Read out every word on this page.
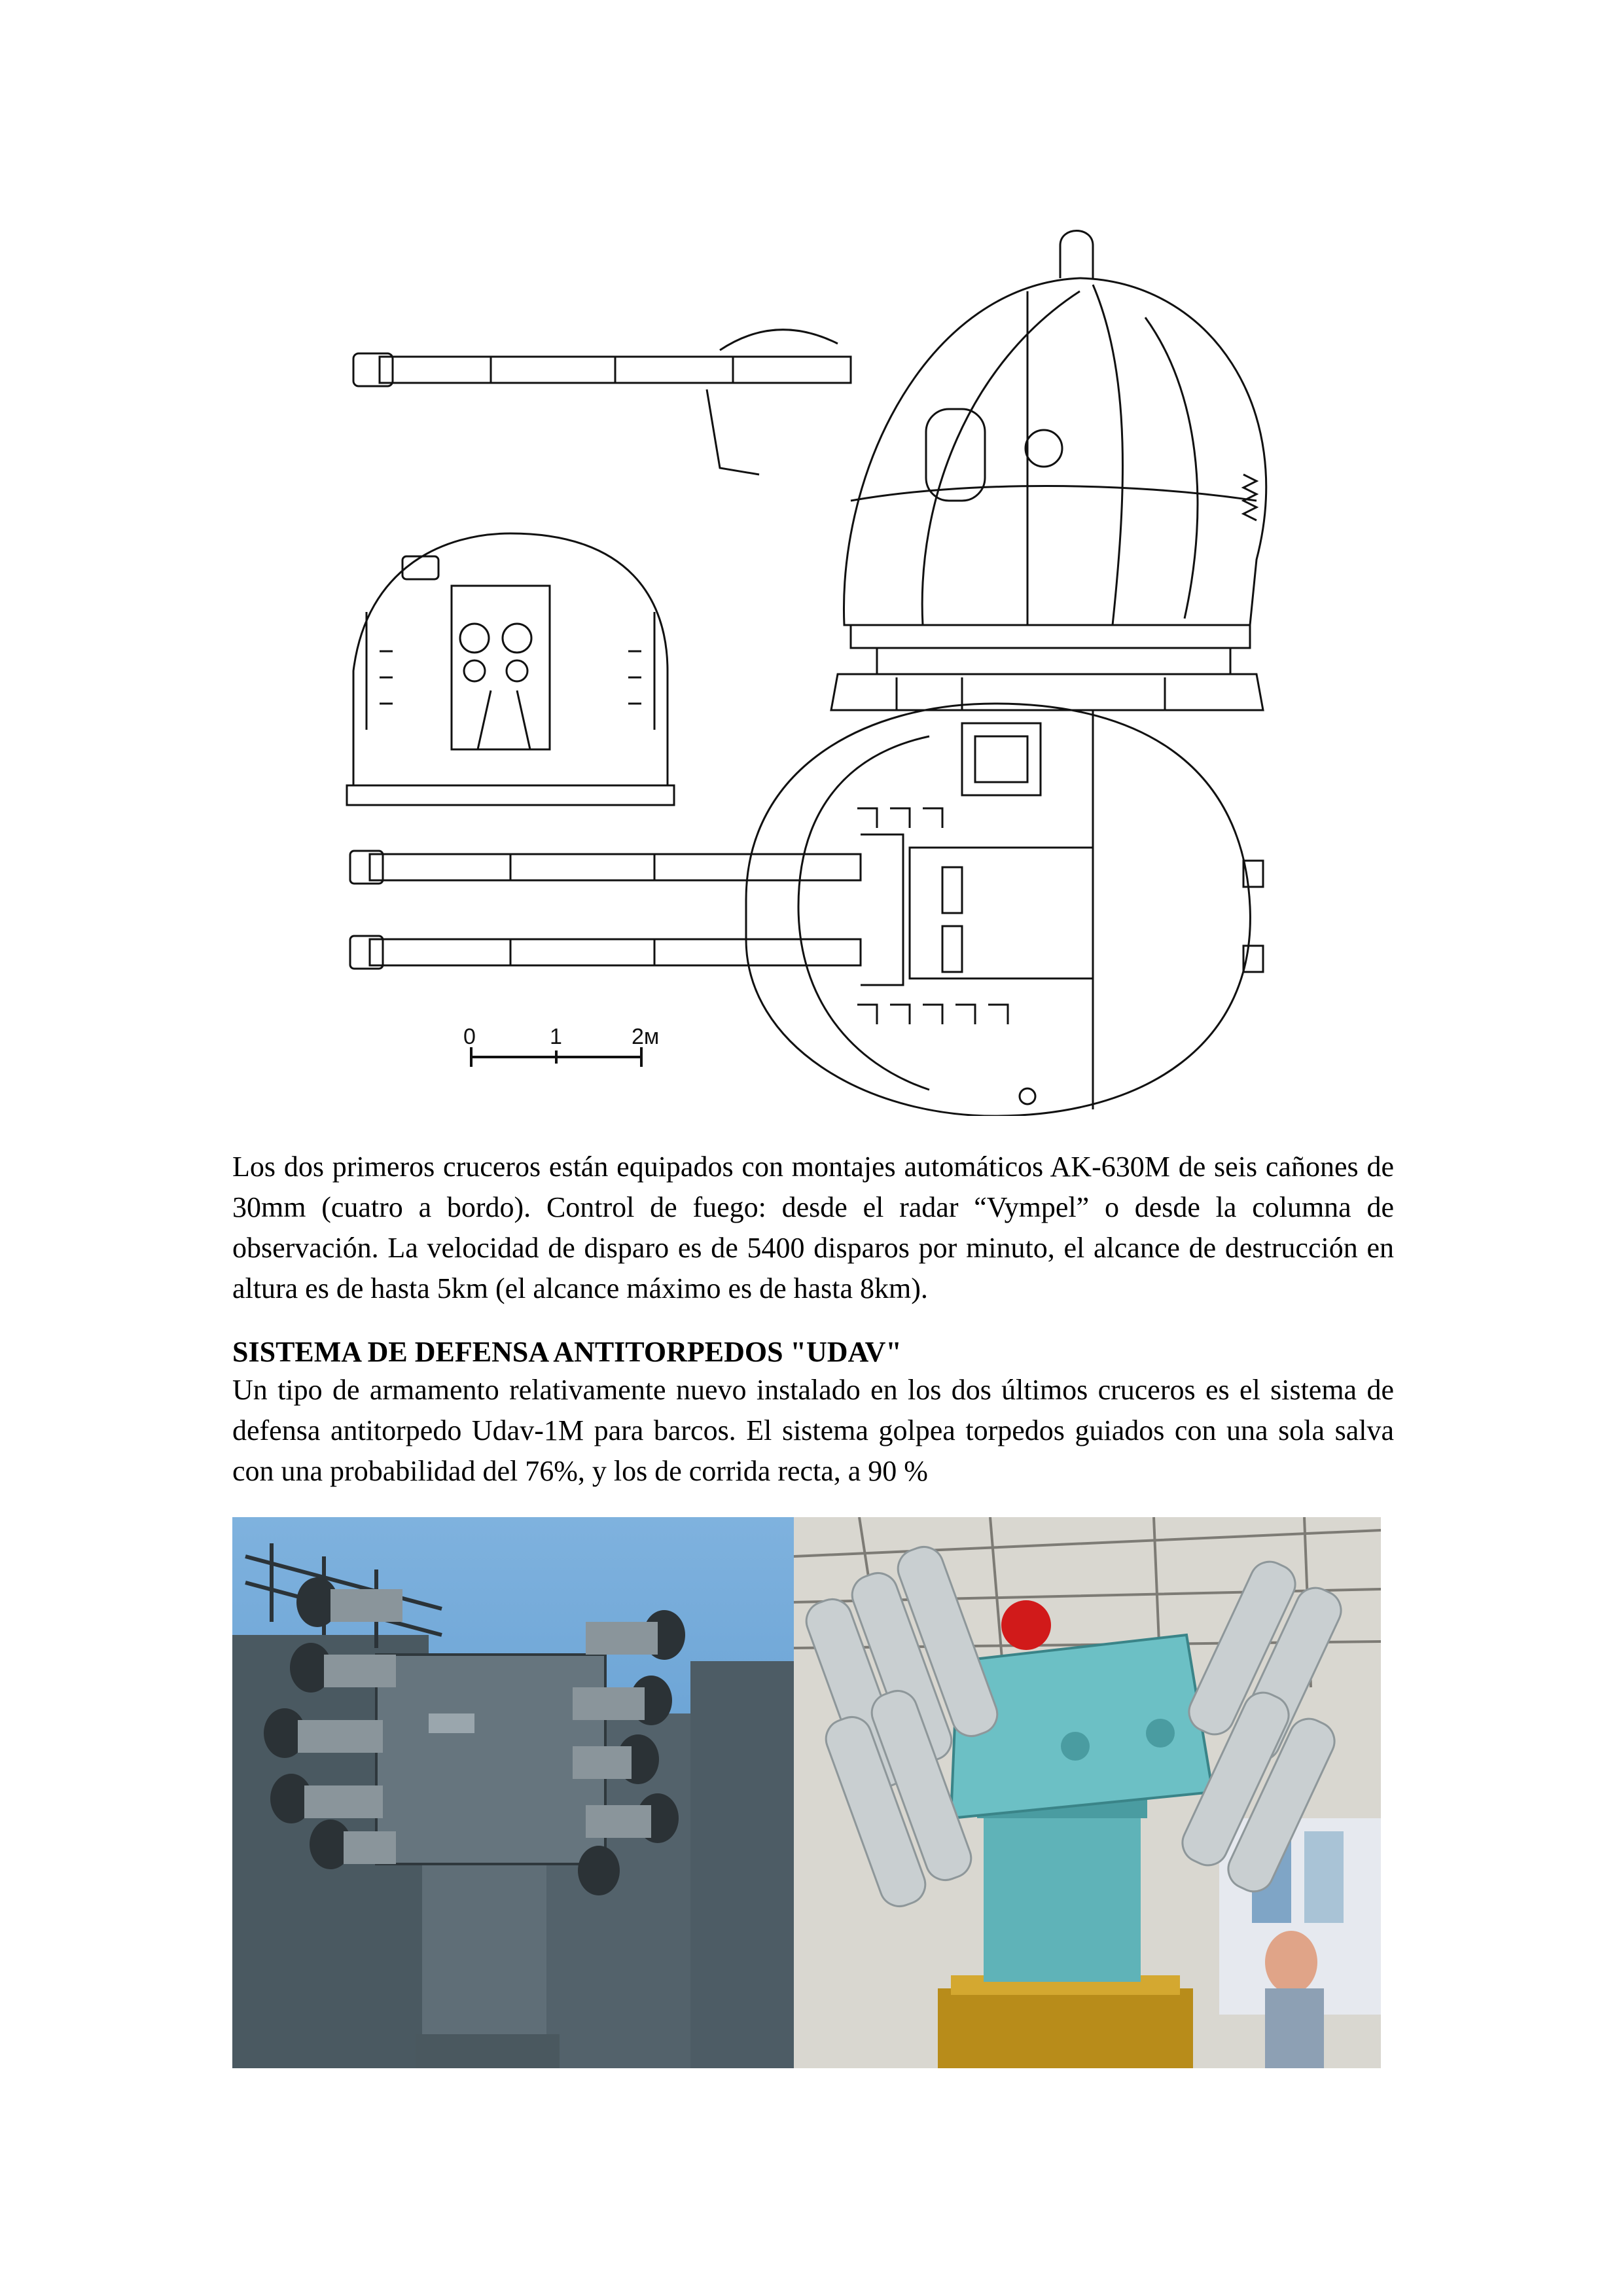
0	1	2м

Los dos primeros cruceros están equipados con montajes automáticos AK-630M de seis cañones de 30mm (cuatro a bordo). Control de fuego: desde el radar “Vympel” o desde la columna de observación. La velocidad de disparo es de 5400 disparos por minuto, el alcance de destrucción en altura es de hasta 5km (el alcance máximo es de hasta 8km).

SISTEMA DE DEFENSA ANTITORPEDOS "UDAV"

Un tipo de armamento relativamente nuevo instalado en los dos últimos cruceros es el sistema de defensa antitorpedo Udav-1M para barcos. El sistema golpea torpedos guiados con una sola salva con una probabilidad del 76%, y los de corrida recta, a 90 %
